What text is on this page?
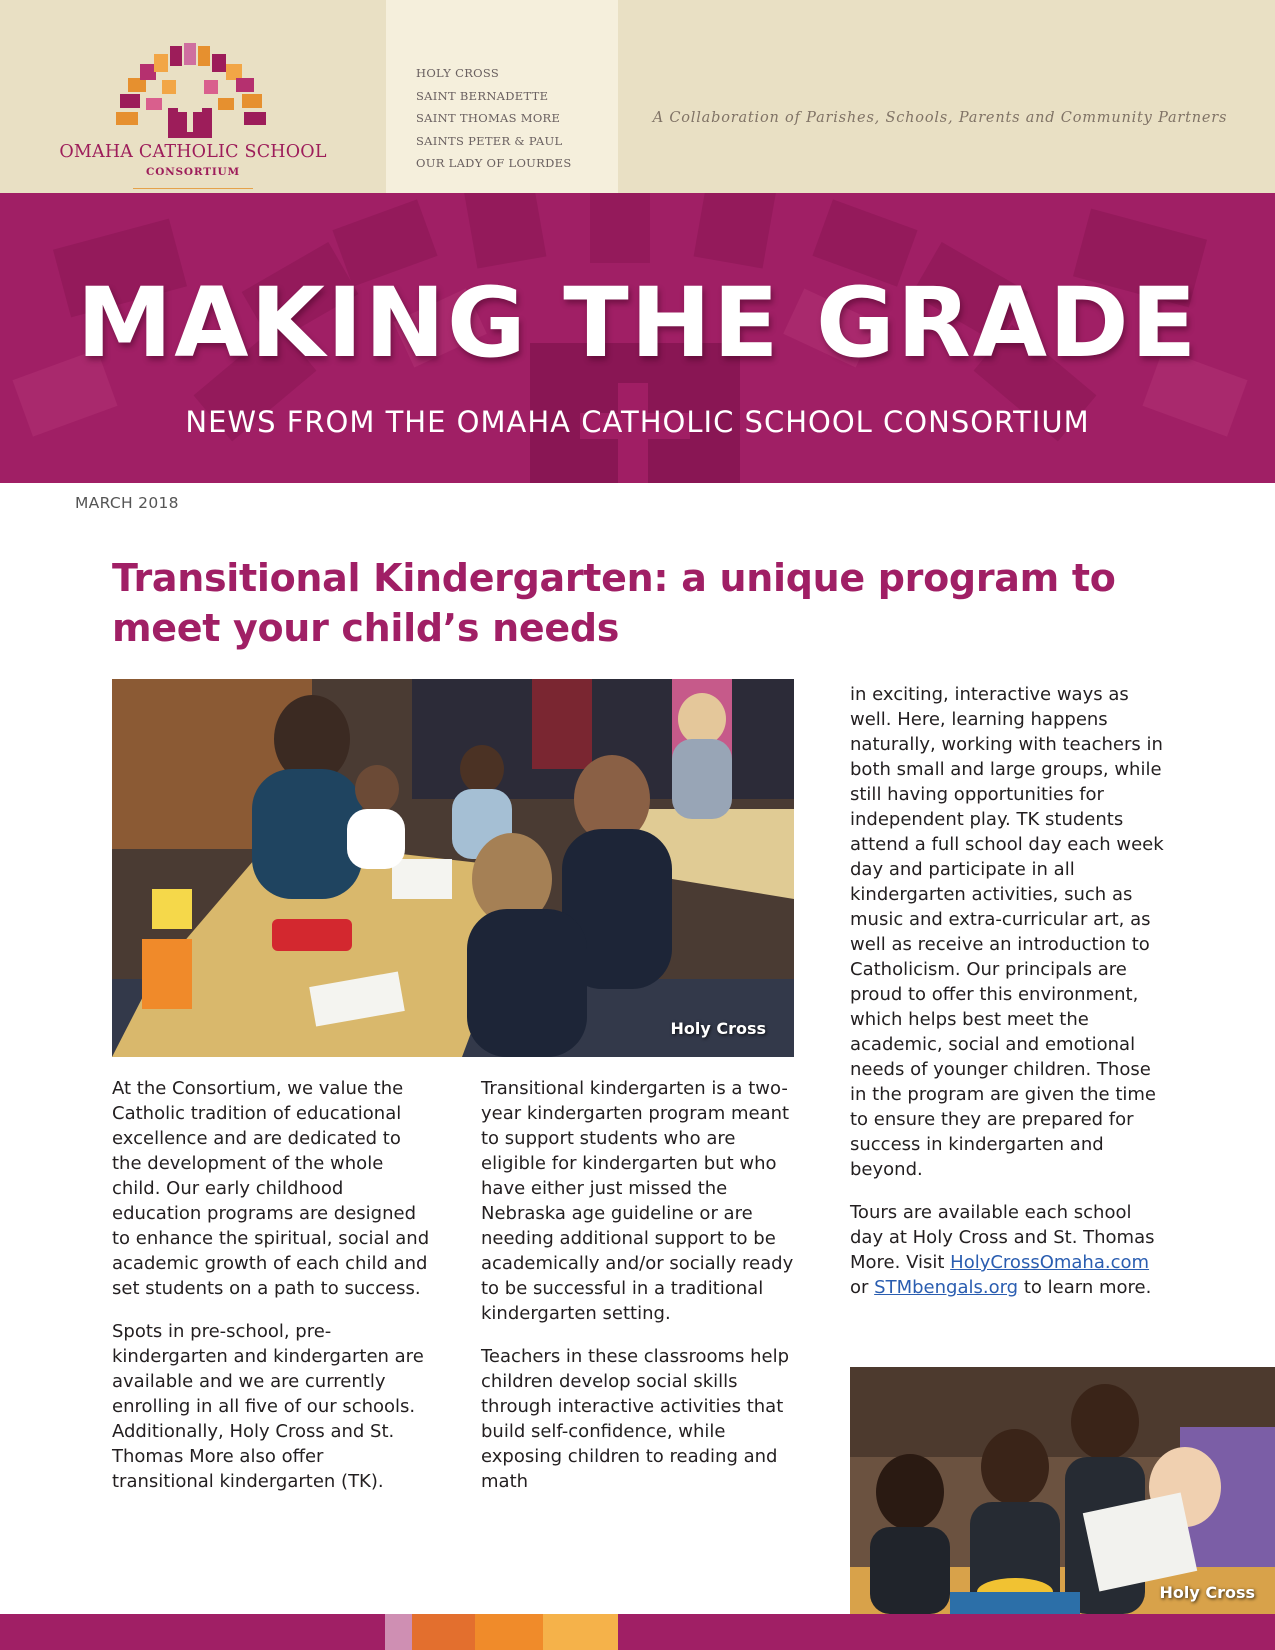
OMAHA CATHOLIC SCHOOL
CONSORTIUM
HOLY CROSS
SAINT BERNADETTE
SAINT THOMAS MORE
SAINTS PETER & PAUL
OUR LADY OF LOURDES
A Collaboration of Parishes, Schools, Parents and Community Partners
MAKING THE GRADE
NEWS FROM THE OMAHA CATHOLIC SCHOOL CONSORTIUM
MARCH 2018
Transitional Kindergarten: a unique program to
meet your child’s needs
Holy Cross

At the Consortium, we value the Catholic tradition of educational excellence and are dedicated to the development of the whole child. Our early childhood education programs are designed to enhance the spiritual, social and academic growth of each child and set students on a path to success.

Spots in pre-school, pre-kindergarten and kindergarten are available and we are currently enrolling in all five of our schools. Additionally, Holy Cross and St. Thomas More also offer transitional kindergarten (TK).

Transitional kindergarten is a two-year kindergarten program meant to support students who are eligible for kindergarten but who have either just missed the Nebraska age guideline or are needing additional support to be academically and/or socially ready to be successful in a traditional kindergarten setting.

Teachers in these classrooms help children develop social skills through interactive activities that build self-confidence, while exposing children to reading and math

in exciting, interactive ways as well. Here, learning happens naturally, working with teachers in both small and large groups, while still having opportunities for independent play. TK students attend a full school day each week day and participate in all kindergarten activities, such as music and extra-curricular art, as well as receive an introduction to Catholicism. Our principals are proud to offer this environment, which helps best meet the academic, social and emotional needs of younger children. Those in the program are given the time to ensure they are prepared for success in kindergarten and beyond.

Tours are available each school day at Holy Cross and St. Thomas More. Visit HolyCrossOmaha.com or STMbengals.org to learn more.

Holy Cross
